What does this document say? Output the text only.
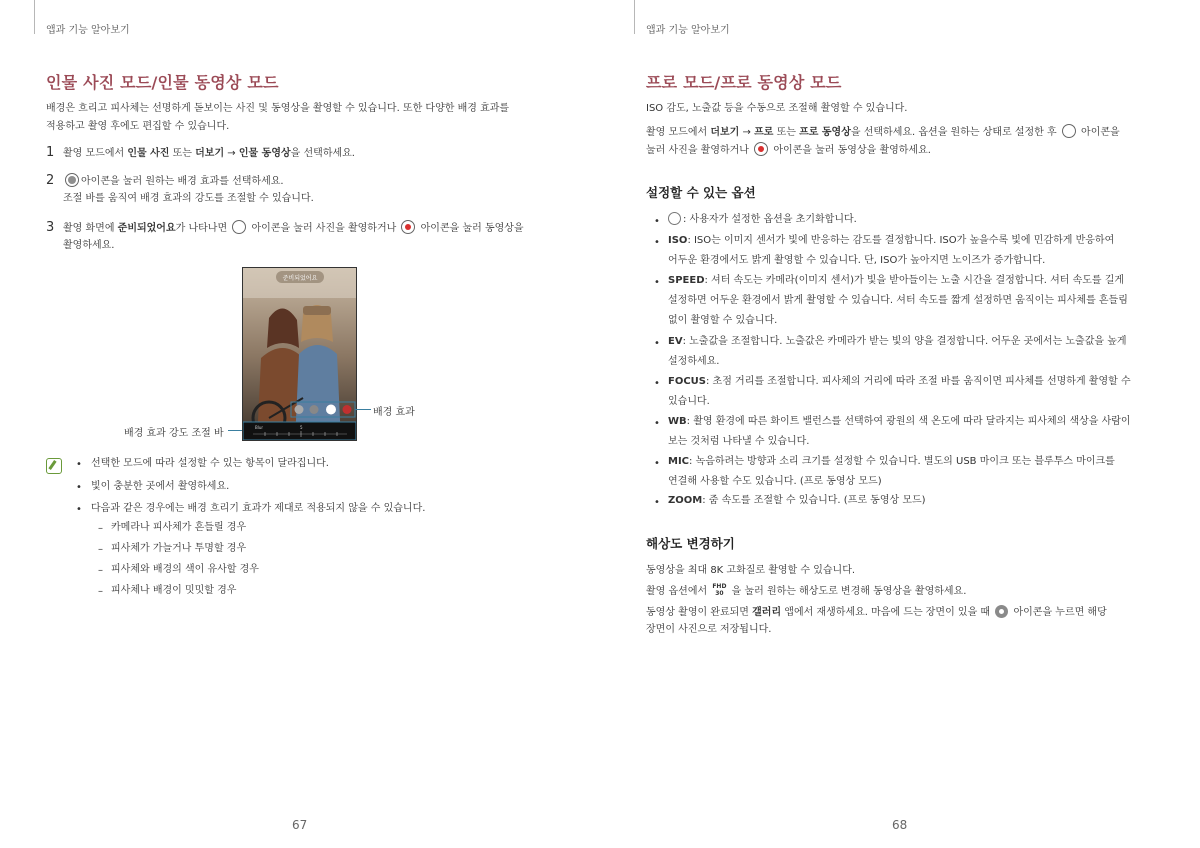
앱과 기능 알아보기
인물 사진 모드/인물 동영상 모드
배경은 흐리고 피사체는 선명하게 돋보이는 사진 및 동영상을 촬영할 수 있습니다. 또한 다양한 배경 효과를
적용하고 촬영 후에도 편집할 수 있습니다.
1 촬영 모드에서 인물 사진 또는 더보기 → 인물 동영상을 선택하세요.
2	아이콘을 눌러 원하는 배경 효과를 선택하세요.
조절 바를 움직여 배경 효과의 강도를 조절할 수 있습니다.
3 촬영 화면에 준비되었어요가 나타나면  아이콘을 눌러 사진을 촬영하거나  아이콘을 눌러 동영상을
촬영하세요.
준비되었어요
Blur	5
배경 효과
배경 효과 강도 조절 바
• 선택한 모드에 따라 설정할 수 있는 항목이 달라집니다.
• 빛이 충분한 곳에서 촬영하세요.
• 다음과 같은 경우에는 배경 흐리기 효과가 제대로 적용되지 않을 수 있습니다.
– 카메라나 피사체가 흔들릴 경우
– 피사체가 가늘거나 투명할 경우
– 피사체와 배경의 색이 유사할 경우
– 피사체나 배경이 밋밋할 경우
67
앱과 기능 알아보기
프로 모드/프로 동영상 모드
ISO 감도, 노출값 등을 수동으로 조절해 촬영할 수 있습니다.
촬영 모드에서 더보기 → 프로 또는 프로 동영상을 선택하세요. 옵션을 원하는 상태로 설정한 후  아이콘을
눌러 사진을 촬영하거나  아이콘을 눌러 동영상을 촬영하세요.
설정할 수 있는 옵션
•	: 사용자가 설정한 옵션을 초기화합니다.
• ISO: ISO는 이미지 센서가 빛에 반응하는 감도를 결정합니다. ISO가 높을수록 빛에 민감하게 반응하여
어두운 환경에서도 밝게 촬영할 수 있습니다. 단, ISO가 높아지면 노이즈가 증가합니다.
• SPEED: 셔터 속도는 카메라(이미지 센서)가 빛을 받아들이는 노출 시간을 결정합니다. 셔터 속도를 길게
설정하면 어두운 환경에서 밝게 촬영할 수 있습니다. 셔터 속도를 짧게 설정하면 움직이는 피사체를 흔들림
없이 촬영할 수 있습니다.
• EV: 노출값을 조절합니다. 노출값은 카메라가 받는 빛의 양을 결정합니다. 어두운 곳에서는 노출값을 높게
설정하세요.
• FOCUS: 초점 거리를 조절합니다. 피사체의 거리에 따라 조절 바를 움직이면 피사체를 선명하게 촬영할 수
있습니다.
• WB: 촬영 환경에 따른 화이트 밸런스를 선택하여 광원의 색 온도에 따라 달라지는 피사체의 색상을 사람이
보는 것처럼 나타낼 수 있습니다.
• MIC: 녹음하려는 방향과 소리 크기를 설정할 수 있습니다. 별도의 USB 마이크 또는 블루투스 마이크를
연결해 사용할 수도 있습니다. (프로 동영상 모드)
• ZOOM: 줌 속도를 조절할 수 있습니다. (프로 동영상 모드)
해상도 변경하기
동영상을 최대 8K 고화질로 촬영할 수 있습니다.
촬영 옵션에서 FHD
30 을 눌러 원하는 해상도로 변경해 동영상을 촬영하세요.
동영상 촬영이 완료되면 갤러리 앱에서 재생하세요. 마음에 드는 장면이 있을 때  아이콘을 누르면 해당
장면이 사진으로 저장됩니다.
68
